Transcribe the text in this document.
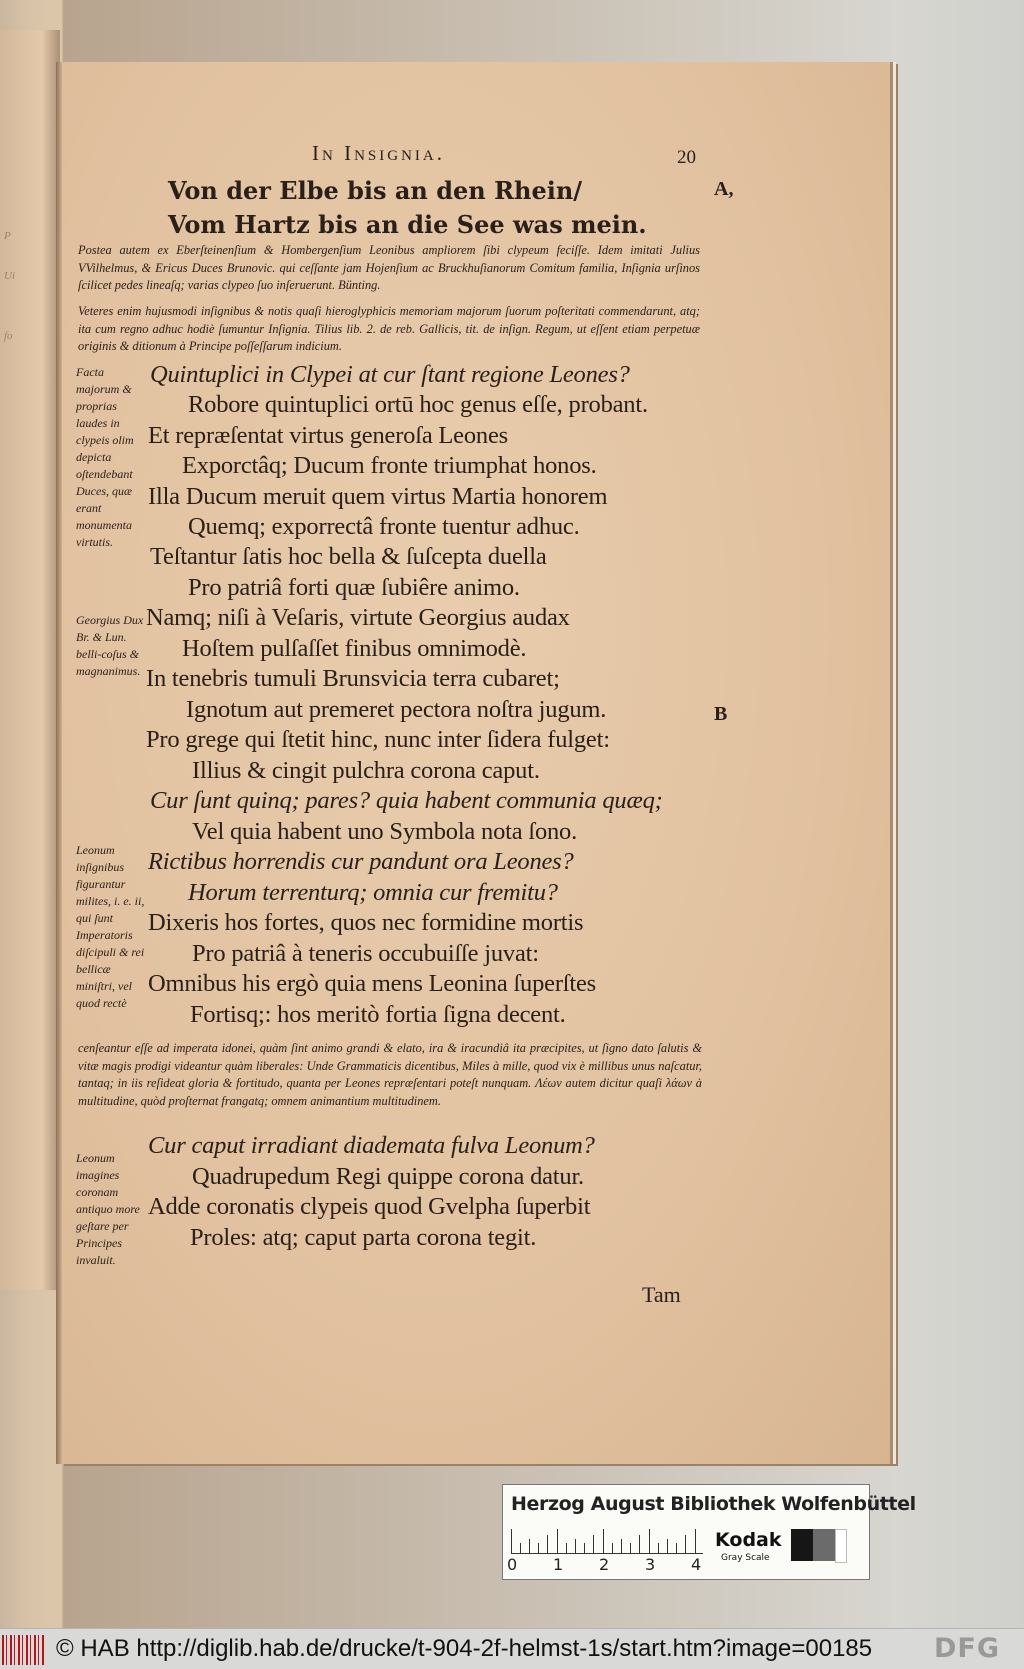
P
Ui
fo
In Insignia.	20
A,
B
Von der Elbe bis an den Rhein/
Vom Hartz bis an die See was mein.
Postea autem ex Eberſteinenſium & Hombergenſium Leonibus ampliorem ſibi clypeum feciſſe. Idem imitati Julius VVilhelmus, & Ericus Duces Brunovic. qui ceſſante jam Hojenſium ac Bruckhuſianorum Comitum familia, Inſignia urſinos ſcilicet pedes lineaſq; varias clypeo ſuo inſeruerunt. Bünting.
Veteres enim hujusmodi inſignibus & notis quaſi hieroglyphicis memoriam majorum ſuorum poſteritati commendarunt, atq; ita cum regno adhuc hodiè ſumuntur Inſignia. Tilius lib. 2. de reb. Gallicis, tit. de inſign. Regum, ut eſſent etiam perpetuæ originis & ditionum à Principe poſſeſſarum indicium.
Quintuplici in Clypei at cur ſtant regione Leones?
Robore quintuplici ortū hoc genus eſſe, probant.
Et repræſentat virtus generoſa Leones
Exporctâq; Ducum fronte triumphat honos.
Illa Ducum meruit quem virtus Martia honorem
Quemq; exporrectâ fronte tuentur adhuc.
Teſtantur ſatis hoc bella & ſuſcepta duella
Pro patriâ forti quæ ſubiêre animo.
Namq; niſi à Veſaris, virtute Georgius audax
Hoſtem pulſaſſet finibus omnimodè.
In tenebris tumuli Brunsvicia terra cubaret;
Ignotum aut premeret pectora noſtra jugum.
Pro grege qui ſtetit hinc, nunc inter ſidera fulget:
Illius & cingit pulchra corona caput.
Cur ſunt quinq; pares? quia habent communia quæq;
Vel quia habent uno Symbola nota ſono.
Rictibus horrendis cur pandunt ora Leones?
Horum terrenturq; omnia cur fremitu?
Dixeris hos fortes, quos nec formidine mortis
Pro patriâ à teneris occubuiſſe juvat:
Omnibus his ergò quia mens Leonina ſuperſtes
Fortisq;: hos meritò fortia ſigna decent.
cenſeantur eſſe ad imperata idonei, quàm ſint animo grandi & elato, ira & iracundiâ ita præcipites, ut ſigno dato ſalutis & vitæ magis prodigi videantur quàm liberales: Unde Grammaticis dicentibus, Miles à mille, quod vix è millibus unus naſcatur, tantaq; in iis reſideat gloria & fortitudo, quanta per Leones repræſentari poteſt nunquam. Λέων autem dicitur quaſi λάων à multitudine, quòd proſternat frangatq; omnem animantium multitudinem.
Cur caput irradiant diademata fulva Leonum?
Quadrupedum Regi quippe corona datur.
Adde coronatis clypeis quod Gvelpha ſuperbit
Proles: atq; caput parta corona tegit.
Facta majorum & proprias laudes in clypeis olim depicta oſtendebant Duces, quæ erant monumenta virtutis.
Georgius Dux Br. & Lun. belli-coſus & magnanimus.
Leonum inſignibus figurantur milites, i. e. ii, qui ſunt Imperatoris diſcipuli & rei bellicæ miniſtri, vel quod rectè
Leonum imagines coronam antiquo more geſtare per Principes invaluit.
Tam
Herzog August Bibliothek Wolfenbüttel
0 1 2 3 4
Kodak
Gray Scale
© HAB http://diglib.hab.de/drucke/t-904-2f-helmst-1s/start.htm?image=00185 DFG
